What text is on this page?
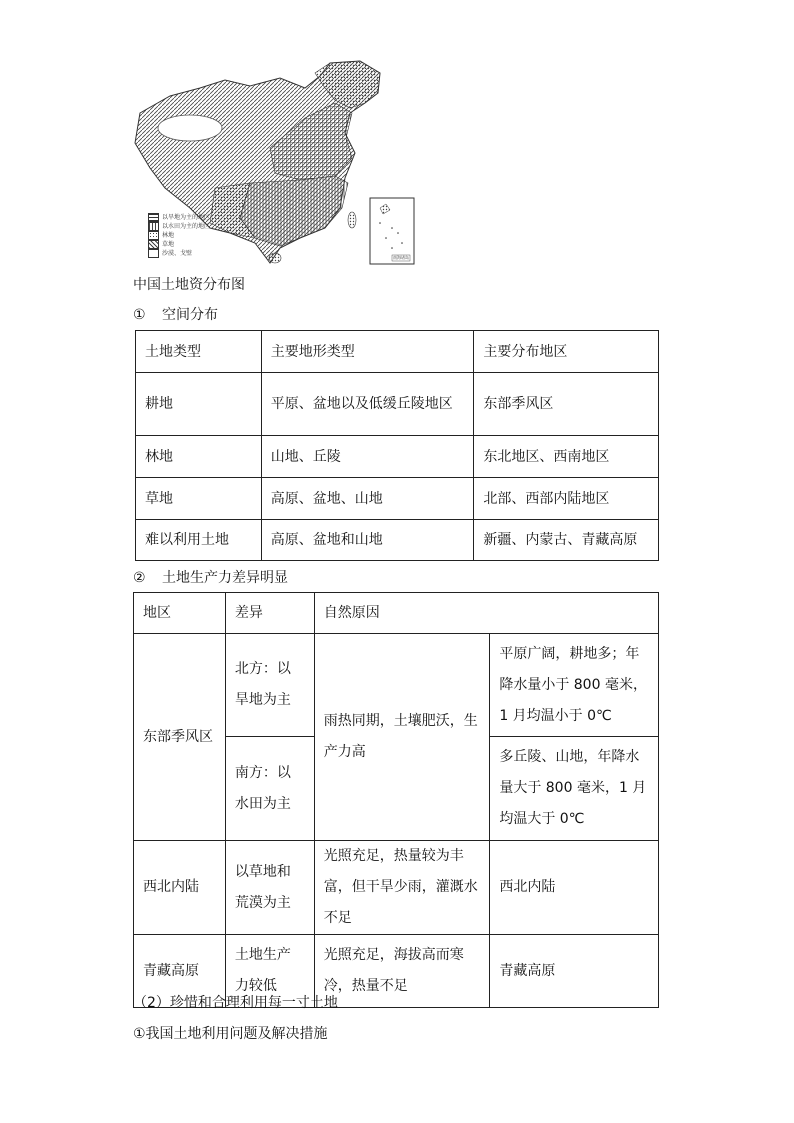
南海诸岛
以旱地为主的地区
以水田为主的地区
林地
草地
沙漠、戈壁
中国土地资分布图
① 空间分布
土地类型	主要地形类型	主要分布地区
耕地	平原、盆地以及低缓丘陵地区	东部季风区
林地	山地、丘陵	东北地区、西南地区
草地	高原、盆地、山地	北部、西部内陆地区
难以利用土地	高原、盆地和山地	新疆、内蒙古、青藏高原
② 土地生产力差异明显
地区	差异	自然原因	
东部季风区	北方：以旱地为主	雨热同期，土壤肥沃，生产力高	平原广阔，耕地多；年降水量小于 800 毫米，1 月均温小于 0℃
	南方：以水田为主		多丘陵、山地，年降水量大于 800 毫米，1 月均温大于 0℃
西北内陆	以草地和荒漠为主	光照充足，热量较为丰富，但干旱少雨，灌溉水不足	西北内陆
青藏高原	土地生产力较低	光照充足，海拔高而寒冷，热量不足	青藏高原
（2）珍惜和合理利用每一寸土地
①我国土地利用问题及解决措施
